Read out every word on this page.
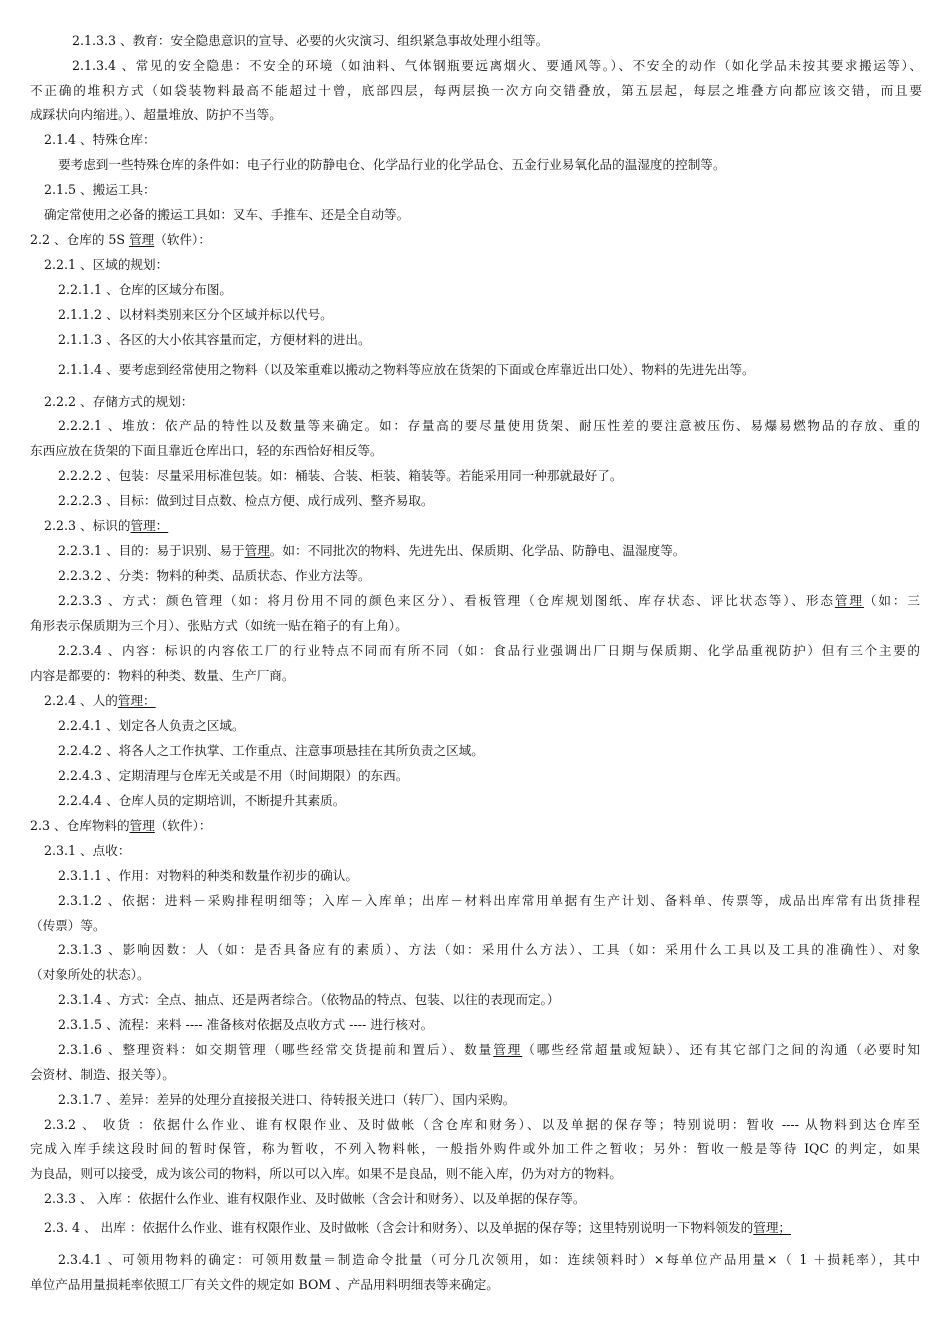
2.1.3.3 、教育：安全隐患意识的宣导、必要的火灾演习、组织紧急事故处理小组等。
2.1.3.4 、常见的安全隐患：不安全的环境（如油料、气体钢瓶要远离烟火、要通风等。）、不安全的动作（如化学品未按其要求搬运等）、
不正确的堆积方式（如袋装物料最高不能超过十曾，底部四层，每两层换一次方向交错叠放，第五层起，每层之堆叠方向都应该交错，而且要
成踩状向内缩进。）、超量堆放、防护不当等。
2.1.4 、特殊仓库：
要考虑到一些特殊仓库的条件如：电子行业的防静电仓、化学品行业的化学品仓、五金行业易氧化品的温湿度的控制等。
2.1.5 、搬运工具：
确定常使用之必备的搬运工具如：叉车、手推车、还是全自动等。
2.2 、仓库的 5S 管理（软件）：
2.2.1 、区域的规划：
2.2.1.1 、仓库的区域分布图。
2.1.1.2 、以材料类别来区分个区域并标以代号。
2.1.1.3 、各区的大小依其容量而定，方便材料的进出。
2.1.1.4 、要考虑到经常使用之物料（以及笨重难以搬动之物料等应放在货架的下面或仓库靠近出口处）、物料的先进先出等。
2.2.2 、存储方式的规划：
2.2.2.1 、堆放：依产品的特性以及数量等来确定。如：存量高的要尽量使用货架、耐压性差的要注意被压伤、易爆易燃物品的存放、重的
东西应放在货架的下面且靠近仓库出口，轻的东西恰好相反等。
2.2.2.2 、包装：尽量采用标准包装。如：桶装、合装、柜装、箱装等。若能采用同一种那就最好了。
2.2.2.3 、目标：做到过目点数、检点方便、成行成列、整齐易取。
2.2.3 、标识的管理：
2.2.3.1 、目的：易于识别、易于管理。如：不同批次的物料、先进先出、保质期、化学品、防静电、温湿度等。
2.2.3.2 、分类：物料的种类、品质状态、作业方法等。
2.2.3.3 、方式：颜色管理（如：将月份用不同的颜色来区分）、看板管理（仓库规划图纸、库存状态、评比状态等）、形态管理（如：三
角形表示保质期为三个月）、张贴方式（如统一贴在箱子的有上角）。
2.2.3.4 、内容：标识的内容依工厂的行业特点不同而有所不同（如：食品行业强调出厂日期与保质期、化学品重视防护）但有三个主要的
内容是都要的：物料的种类、数量、生产厂商。
2.2.4 、人的管理：
2.2.4.1 、划定各人负责之区域。
2.2.4.2 、将各人之工作执掌、工作重点、注意事项悬挂在其所负责之区域。
2.2.4.3 、定期清理与仓库无关或是不用（时间期限）的东西。
2.2.4.4 、仓库人员的定期培训，不断提升其素质。
2.3 、仓库物料的管理（软件）：
2.3.1 、点收：
2.3.1.1 、作用：对物料的种类和数量作初步的确认。
2.3.1.2 、依据：进料－采购排程明细等；入库－入库单；出库－材料出库常用单据有生产计划、备料单、传票等，成品出库常有出货排程
（传票）等。
2.3.1.3 、影响因数：人（如：是否具备应有的素质）、方法（如：采用什么方法）、工具（如：采用什么工具以及工具的准确性）、对象
（对象所处的状态）。
2.3.1.4 、方式：全点、抽点、还是两者综合。（依物品的特点、包装、以往的表现而定。）
2.3.1.5 、流程：来料 ---- 准备核对依据及点收方式 ---- 进行核对。
2.3.1.6 、整理资料：如交期管理（哪些经常交货提前和置后）、数量管理（哪些经常超量或短缺）、还有其它部门之间的沟通（必要时知
会资材、制造、报关等）。
2.3.1.7 、差异：差异的处理分直接报关进口、待转报关进口（转厂）、国内采购。
2.3.2 、 收货 ：依据什么作业、谁有权限作业、及时做帐（含仓库和财务）、以及单据的保存等；特别说明：暂收 ---- 从物料到达仓库至
完成入库手续这段时间的暂时保管，称为暂收，不列入物料帐，一般指外购件或外加工件之暂收；另外：暂收一般是等待 IQC 的判定，如果
为良品，则可以接受，成为该公司的物料，所以可以入库。如果不是良品，则不能入库，仍为对方的物料。
2.3.3 、 入库 ：依据什么作业、谁有权限作业、及时做帐（含会计和财务）、以及单据的保存等。
2.3. 4 、 出库 ：依据什么作业、谁有权限作业、及时做帐（含会计和财务）、以及单据的保存等；这里特别说明一下物料领发的管理；
2.3.4.1 、可领用物料的确定：可领用数量＝制造命令批量（可分几次领用，如：连续领料时）×每单位产品用量×（ 1 ＋损耗率），其中
单位产品用量损耗率依照工厂有关文件的规定如 BOM 、产品用料明细表等来确定。
